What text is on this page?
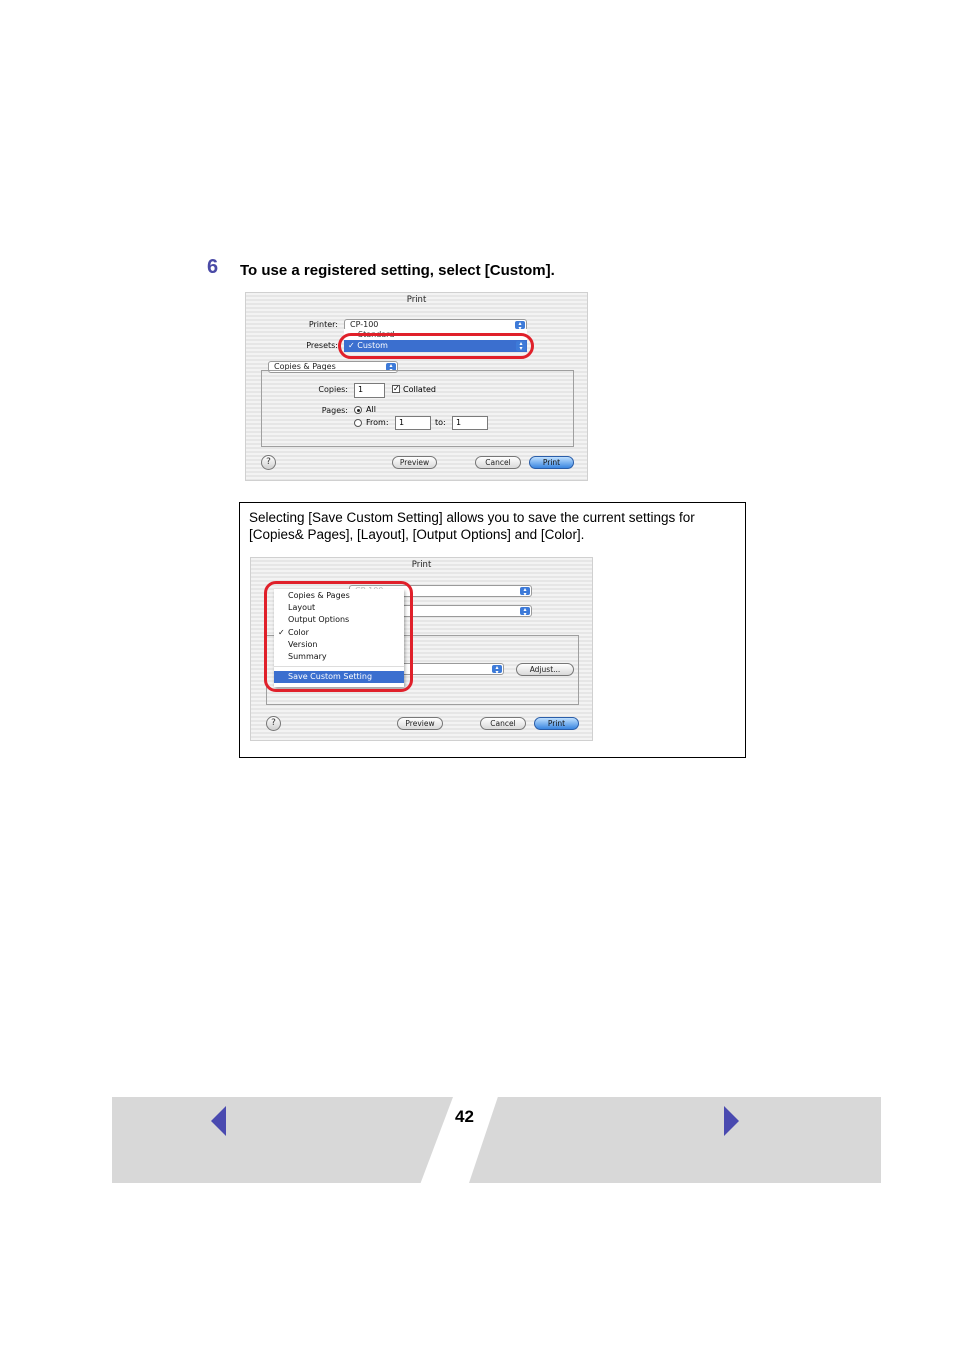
6 To use a registered setting, select [Custom].
Print
Printer:	CP-100	▴

Presets:
Standard
✓ Custom	▴
▾
Copies & Pages	▴
▾
Copies:	1	✓ Collated
Pages: All
From:	1	to:	1
?	Preview	Cancel	Print
Selecting [Save Custom Setting] allows you to save the current settings for [Copies& Pages], [Layout], [Output Options] and [Color].
Print
▴
▾
▴
▾
▴
▾	Adjust...
Copies & Pages
Layout
Output Options
✓ Color
Version
Summary
Save Custom Setting
?	Preview	Cancel	Print
42
